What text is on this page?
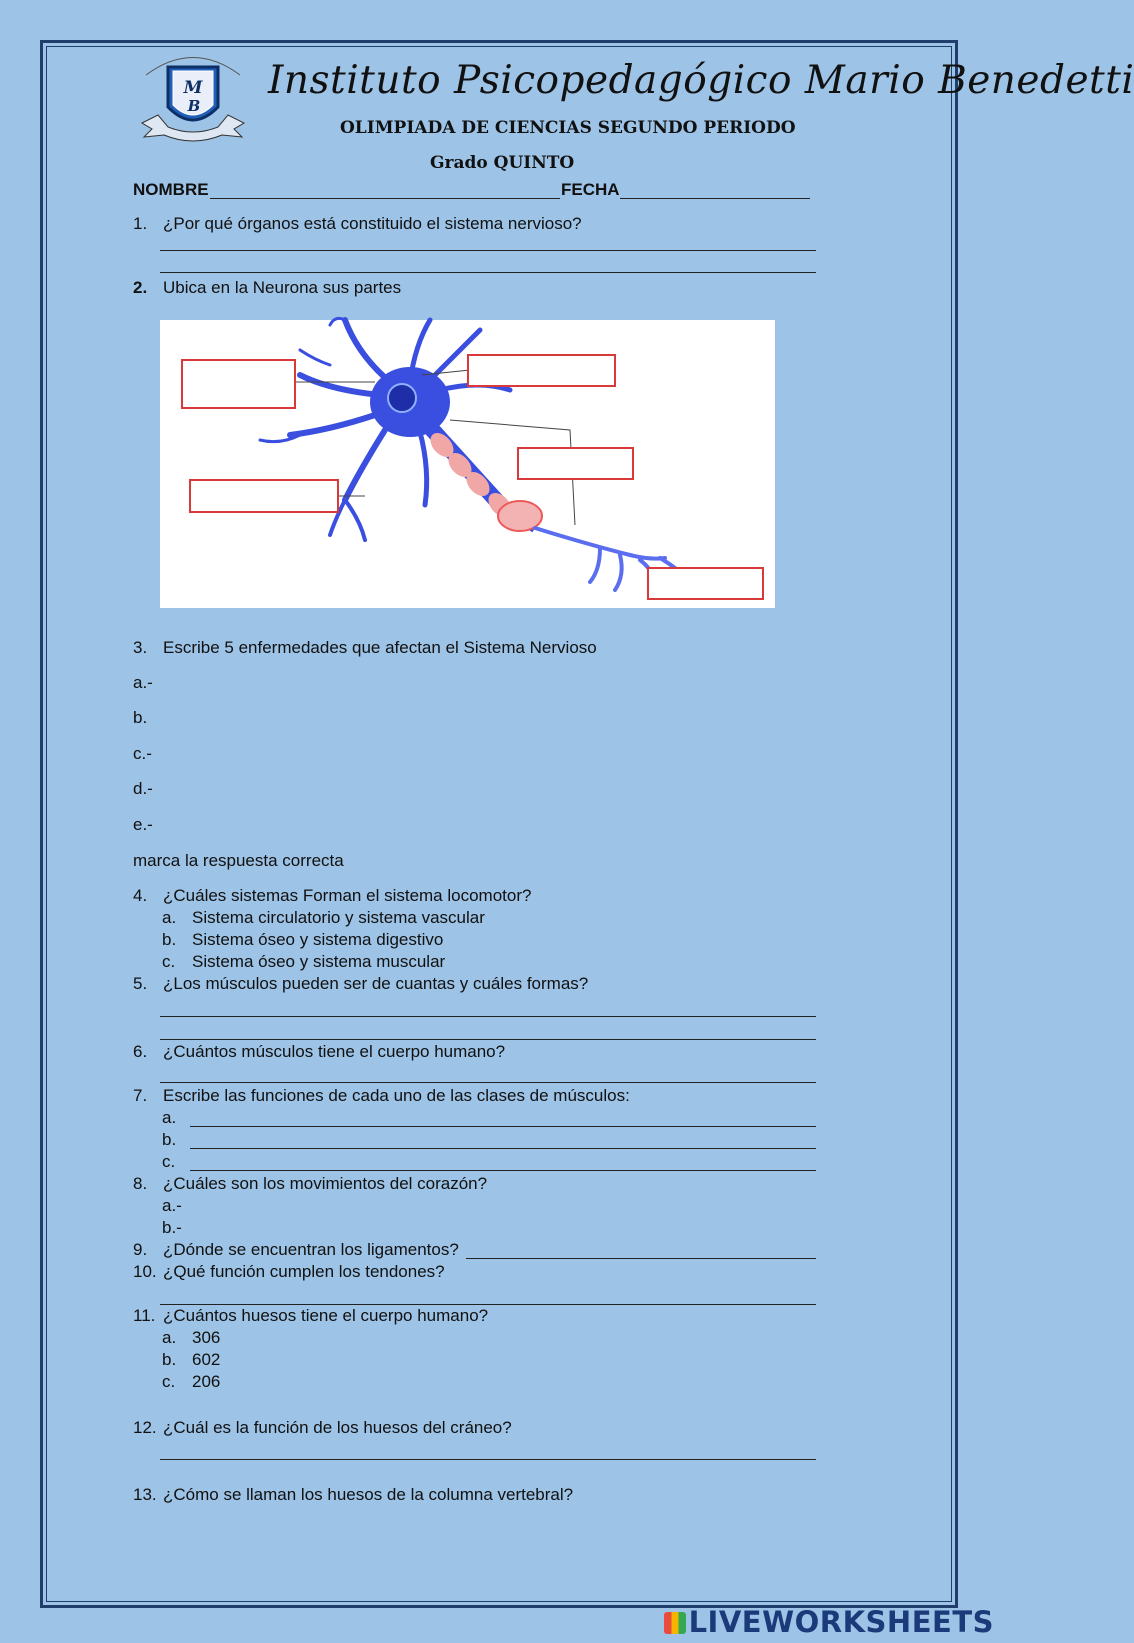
M
B
Instituto Psicopedagógico Mario Benedetti
OLIMPIADA DE CIENCIAS SEGUNDO PERIODO
Grado QUINTO
NOMBRE	FECHA
1. ¿Por qué órganos está constituido el sistema nervioso?
2. Ubica en la Neurona sus partes
3. Escribe 5 enfermedades que afectan el Sistema Nervioso
a.-
b.
c.-
d.-
e.-
marca la respuesta correcta
4. ¿Cuáles sistemas Forman el sistema locomotor?
a. Sistema circulatorio y sistema vascular
b. Sistema óseo y sistema digestivo
c. Sistema óseo y sistema muscular
5. ¿Los músculos pueden ser de cuantas y cuáles formas?
6. ¿Cuántos músculos tiene el cuerpo humano?
7. Escribe las funciones de cada uno de las clases de músculos:
a.
b.
c.
8. ¿Cuáles son los movimientos del corazón?
a.-
b.-
9. ¿Dónde se encuentran los ligamentos?
10. ¿Qué función cumplen los tendones?
11. ¿Cuántos huesos tiene el cuerpo humano?
a. 306
b. 602
c. 206
12. ¿Cuál es la función de los huesos del cráneo?
13. ¿Cómo se llaman los huesos de la columna vertebral?
LIVEWORKSHEETS
